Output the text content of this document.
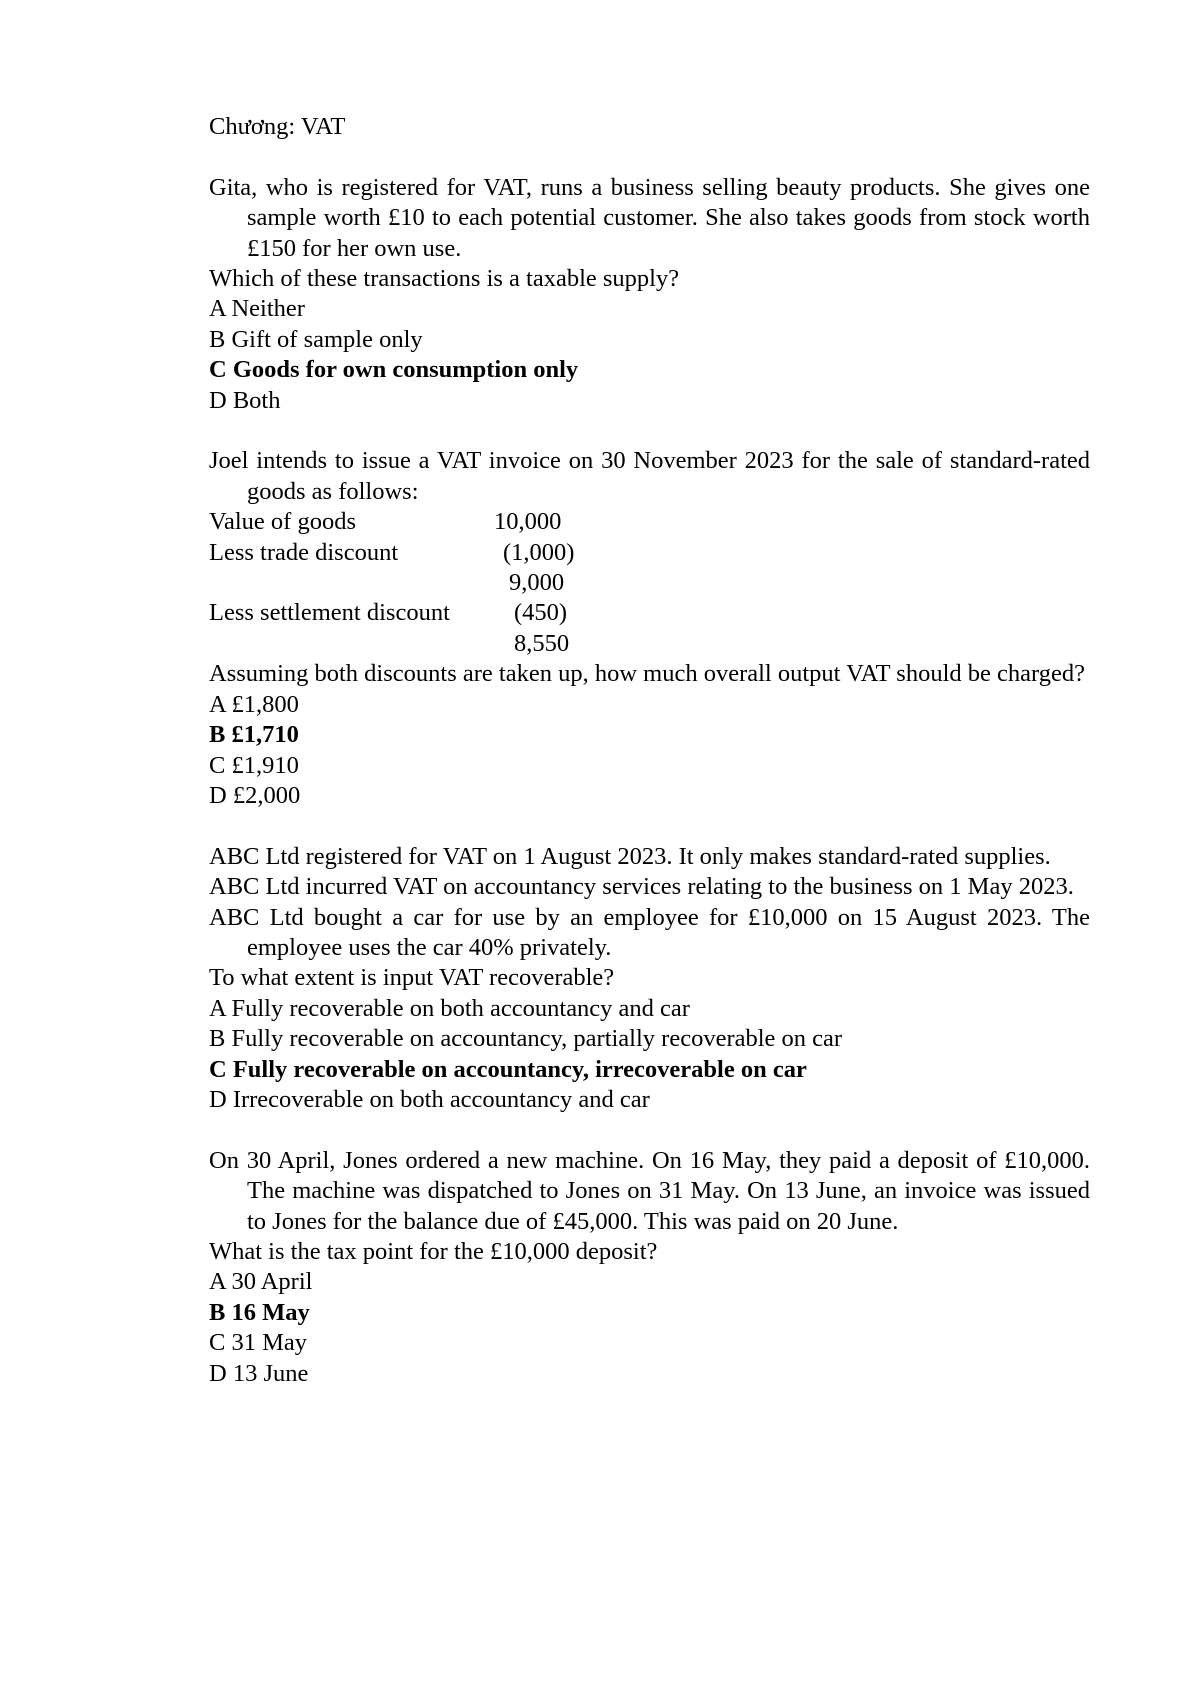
Chương: VAT

Gita, who is registered for VAT, runs a business selling beauty products. She gives one sample worth £10 to each potential customer. She also takes goods from stock worth £150 for her own use.

Which of these transactions is a taxable supply?

A Neither

B Gift of sample only

C Goods for own consumption only

D Both

Joel intends to issue a VAT invoice on 30 November 2023 for the sale of standard-rated goods as follows:

Value of goods	10,000
Less trade discount	(1,000)
9,000
Less settlement discount	(450)
8,550

Assuming both discounts are taken up, how much overall output VAT should be charged?

A £1,800

B £1,710

C £1,910

D £2,000

ABC Ltd registered for VAT on 1 August 2023. It only makes standard-rated supplies.

ABC Ltd incurred VAT on accountancy services relating to the business on 1 May 2023.

ABC Ltd bought a car for use by an employee for £10,000 on 15 August 2023. The employee uses the car 40% privately.

To what extent is input VAT recoverable?

A Fully recoverable on both accountancy and car

B Fully recoverable on accountancy, partially recoverable on car

C Fully recoverable on accountancy, irrecoverable on car

D Irrecoverable on both accountancy and car

On 30 April, Jones ordered a new machine. On 16 May, they paid a deposit of £10,000. The machine was dispatched to Jones on 31 May. On 13 June, an invoice was issued to Jones for the balance due of £45,000. This was paid on 20 June.

What is the tax point for the £10,000 deposit?

A 30 April

B 16 May

C 31 May

D 13 June
